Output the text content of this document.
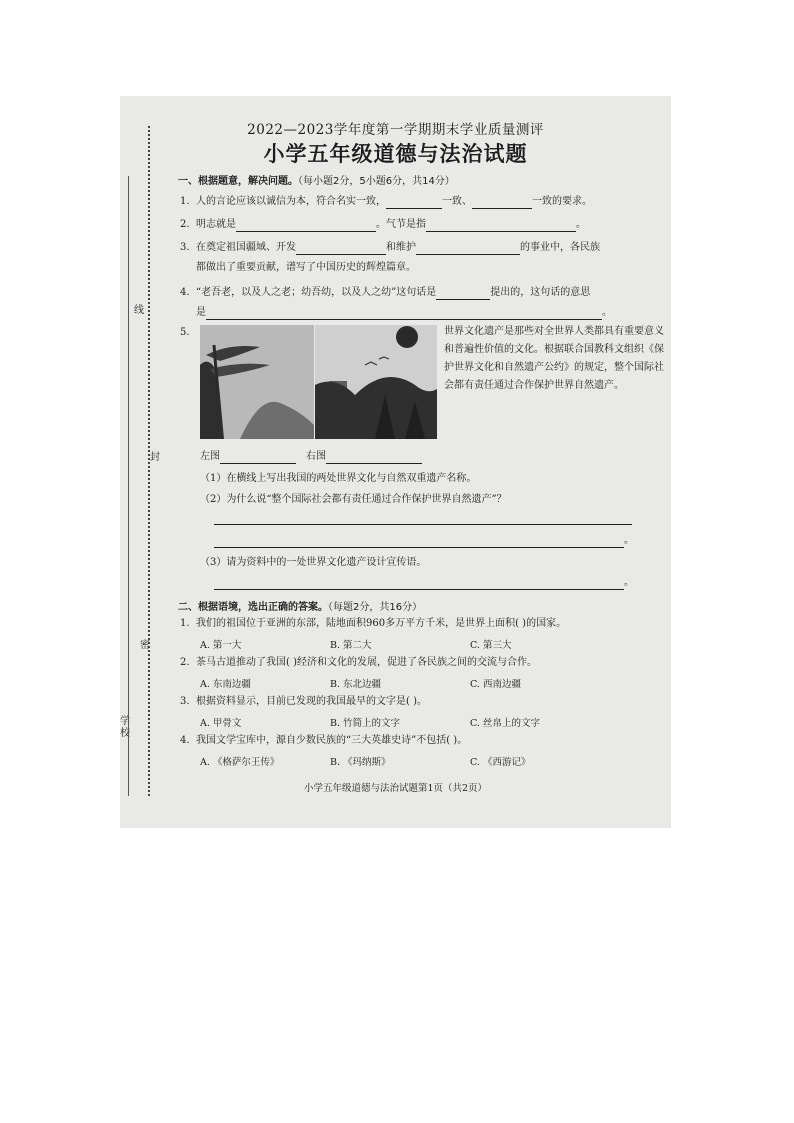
线
封
密
学校
2022—2023学年度第一学期期末学业质量测评
小学五年级道德与法治试题
一、根据题意，解决问题。（每小题2分，5小题6分，共14分）
1. 人的言论应该以诚信为本，符合名实一致，	一致、	一致的要求。
2. 明志就是	。气节是指	。
3. 在奠定祖国疆域、开发	和维护	的事业中，各民族
都做出了重要贡献，谱写了中国历史的辉煌篇章。
4. “老吾老，以及人之老；幼吾幼，以及人之幼”这句话是	提出的，这句话的意思
是	。
5.	世界文化遗产是那些对全世界人类都具有重要意义和普遍性价值的文化。根据联合国教科文组织《保护世界文化和自然遗产公约》的规定，整个国际社会都有责任通过合作保护世界自然遗产。
左图	右图
（1）在横线上写出我国的两处世界文化与自然双重遗产名称。
（2）为什么说“整个国际社会都有责任通过合作保护世界自然遗产”？
。
（3）请为资料中的一处世界文化遗产设计宣传语。
。
二、根据语境，选出正确的答案。（每题2分，共16分）
1. 我们的祖国位于亚洲的东部，陆地面积960多万平方千米，是世界上面积( )的国家。
A. 第一大	B. 第二大	C. 第三大
2. 茶马古道推动了我国( )经济和文化的发展，促进了各民族之间的交流与合作。
A. 东南边疆	B. 东北边疆	C. 西南边疆
3. 根据资料显示，目前已发现的我国最早的文字是( )。
A. 甲骨文	B. 竹简上的文字	C. 丝帛上的文字
4. 我国文学宝库中，源自少数民族的“三大英雄史诗”不包括( )。
A. 《格萨尔王传》	B. 《玛纳斯》	C. 《西游记》
小学五年级道德与法治试题第1页（共2页）
